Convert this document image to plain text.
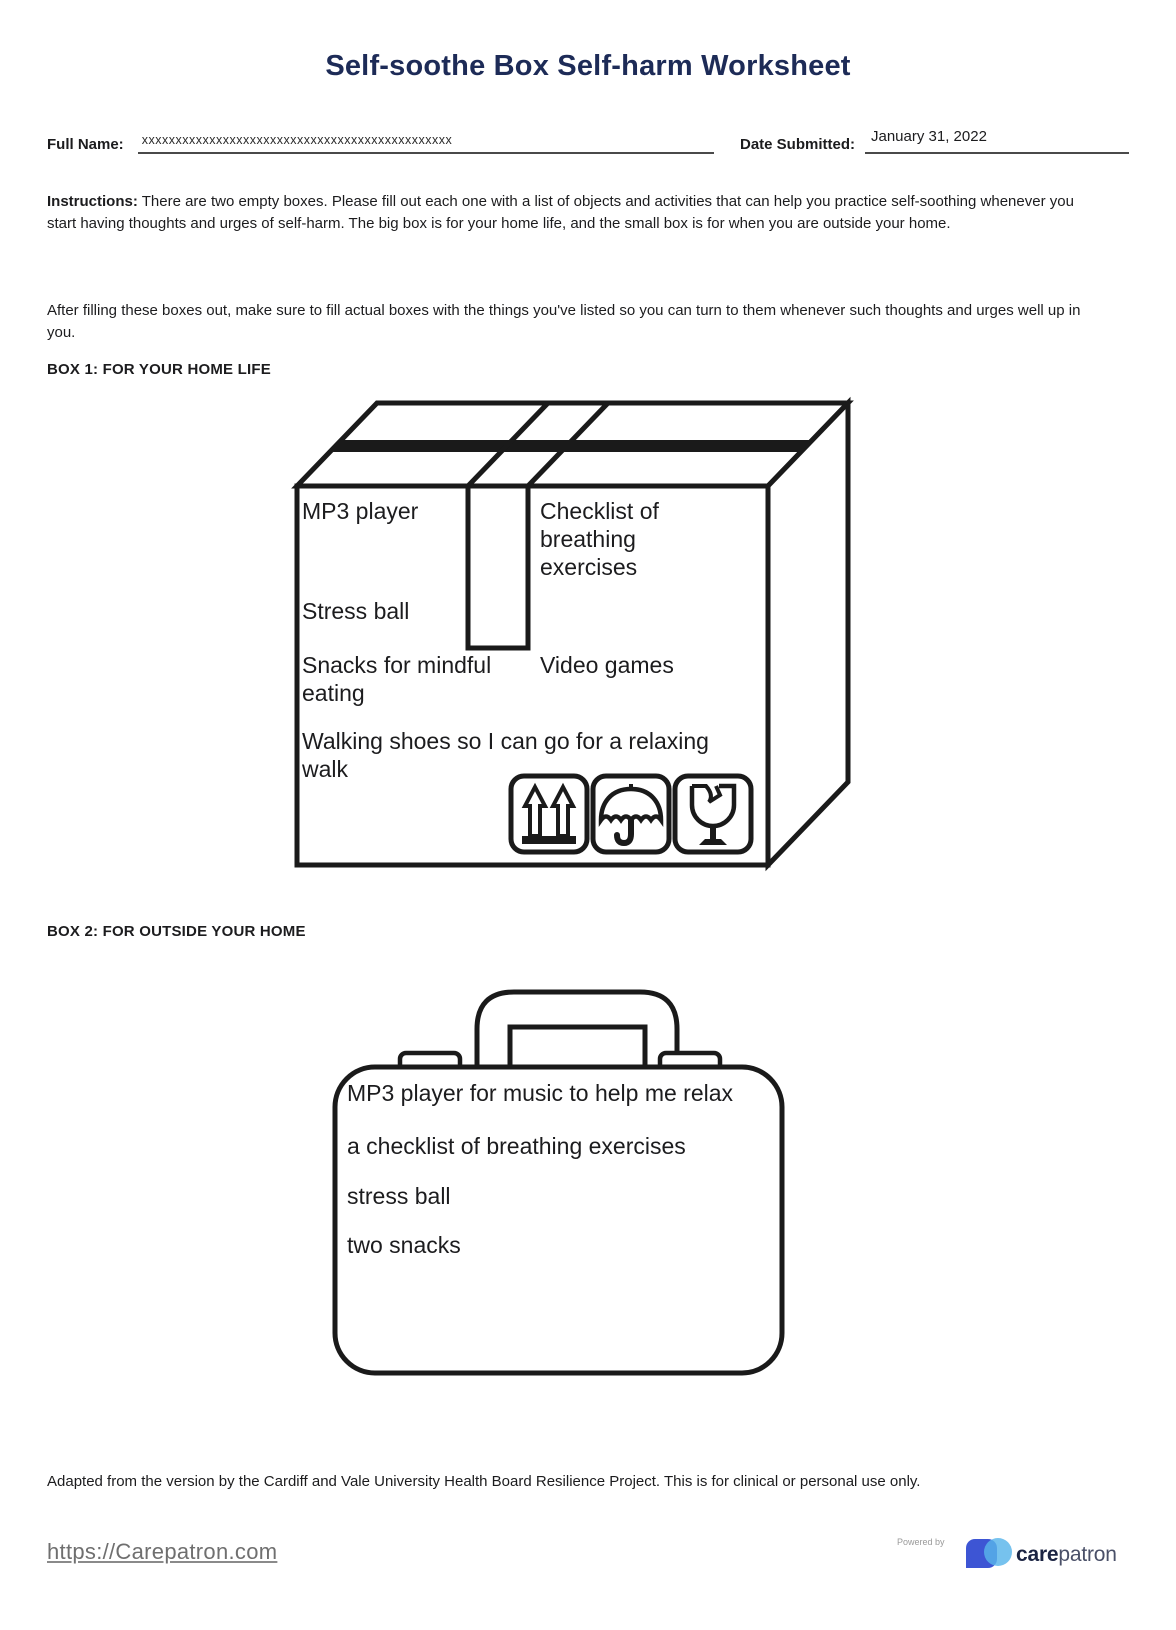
Self-soothe Box Self-harm Worksheet
Full Name: xxxxxxxxxxxxxxxxxxxxxxxxxxxxxxxxxxxxxxxxxxxxxx	Date Submitted: January 31, 2022
Instructions: There are two empty boxes. Please fill out each one with a list of objects and activities that can help you practice self-soothing whenever you start having thoughts and urges of self-harm. The big box is for your home life, and the small box is for when you are outside your home.
After filling these boxes out, make sure to fill actual boxes with the things you've listed so you can turn to them whenever such thoughts and urges well up in you.
BOX 1: FOR YOUR HOME LIFE
MP3 player	Checklist of breathing exercises
Stress ball
Snacks for mindful eating
Video games
Walking shoes so I can go for a relaxing walk
BOX 2: FOR OUTSIDE YOUR HOME
MP3 player for music to help me relax
a checklist of breathing exercises
stress ball
two snacks
Adapted from the version by the Cardiff and Vale University Health Board Resilience Project. This is for clinical or personal use only.
https://Carepatron.com	Powered by
carepatron
